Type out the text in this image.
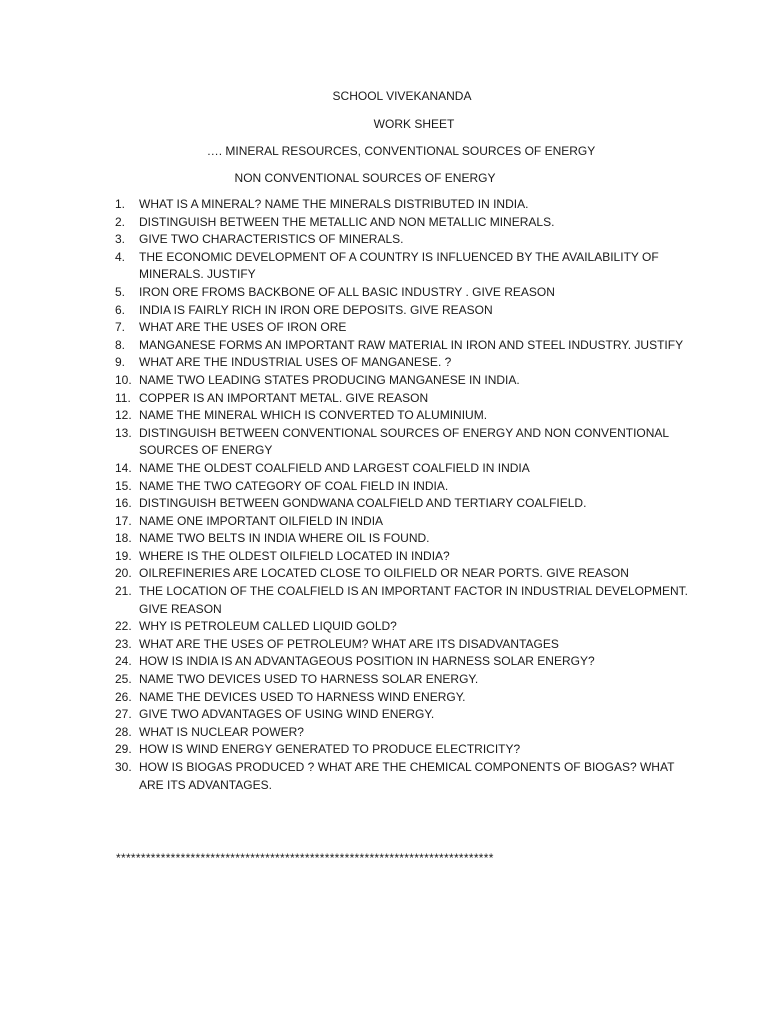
SCHOOL VIVEKANANDA
WORK SHEET
…. MINERAL RESOURCES, CONVENTIONAL SOURCES OF ENERGY
NON CONVENTIONAL SOURCES OF ENERGY
1.	WHAT IS A MINERAL? NAME THE MINERALS DISTRIBUTED IN INDIA.
2.	DISTINGUISH BETWEEN THE METALLIC AND NON METALLIC MINERALS.
3.	GIVE TWO CHARACTERISTICS OF MINERALS.
4.	THE ECONOMIC DEVELOPMENT OF A COUNTRY IS INFLUENCED BY THE AVAILABILITY OF MINERALS. JUSTIFY
5.	IRON ORE FROMS BACKBONE OF ALL BASIC INDUSTRY . GIVE REASON
6.	INDIA IS FAIRLY RICH IN IRON ORE DEPOSITS. GIVE REASON
7.	WHAT ARE THE USES OF IRON ORE
8.	MANGANESE FORMS AN IMPORTANT RAW MATERIAL IN IRON AND STEEL INDUSTRY. JUSTIFY
9.	WHAT ARE THE INDUSTRIAL USES OF MANGANESE. ?
10. NAME TWO LEADING STATES PRODUCING MANGANESE IN INDIA.
11. COPPER IS AN IMPORTANT METAL. GIVE REASON
12. NAME THE MINERAL WHICH IS CONVERTED TO ALUMINIUM.
13. DISTINGUISH BETWEEN CONVENTIONAL SOURCES OF ENERGY AND NON CONVENTIONAL SOURCES OF ENERGY
14. NAME THE OLDEST COALFIELD AND LARGEST COALFIELD IN INDIA
15. NAME THE TWO CATEGORY OF COAL FIELD IN INDIA.
16. DISTINGUISH BETWEEN GONDWANA COALFIELD AND TERTIARY COALFIELD.
17. NAME ONE IMPORTANT OILFIELD IN INDIA
18. NAME TWO BELTS IN INDIA WHERE OIL IS FOUND.
19. WHERE IS THE OLDEST OILFIELD LOCATED IN INDIA?
20. OILREFINERIES ARE LOCATED CLOSE TO OILFIELD OR NEAR PORTS. GIVE REASON
21. THE LOCATION OF THE COALFIELD IS AN IMPORTANT FACTOR IN INDUSTRIAL DEVELOPMENT. GIVE REASON
22. WHY IS PETROLEUM CALLED LIQUID GOLD?
23. WHAT ARE THE USES OF PETROLEUM? WHAT ARE ITS DISADVANTAGES
24. HOW IS INDIA IS AN ADVANTAGEOUS POSITION IN HARNESS SOLAR ENERGY?
25. NAME TWO DEVICES USED TO HARNESS SOLAR ENERGY.
26. NAME THE DEVICES USED TO HARNESS WIND ENERGY.
27. GIVE TWO ADVANTAGES OF USING WIND ENERGY.
28. WHAT IS NUCLEAR POWER?
29. HOW IS WIND ENERGY GENERATED TO PRODUCE ELECTRICITY?
30. HOW IS BIOGAS PRODUCED ? WHAT ARE THE CHEMICAL COMPONENTS OF BIOGAS? WHAT ARE ITS ADVANTAGES.
****************************************************************************
